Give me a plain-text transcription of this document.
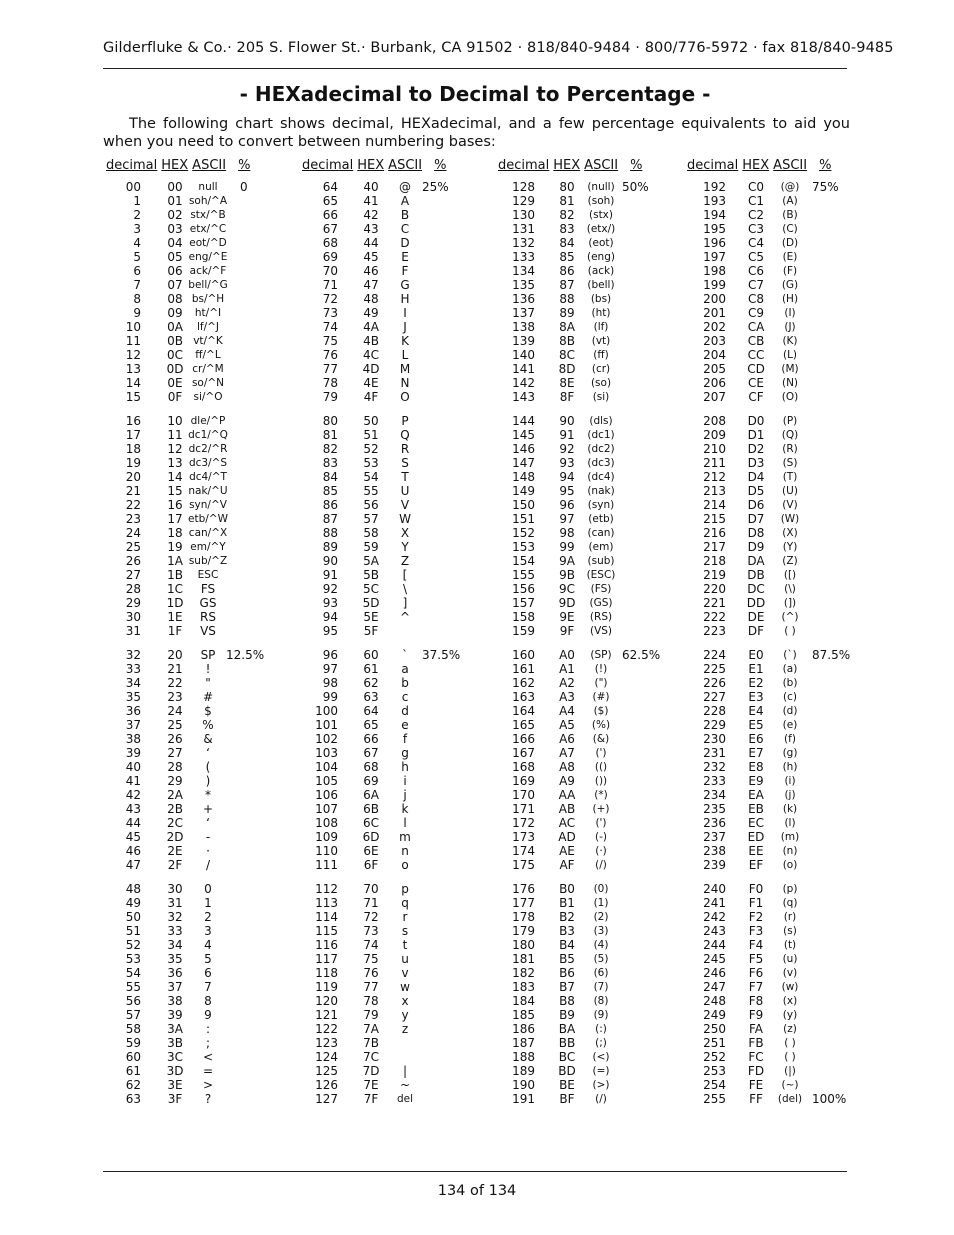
Gilderfluke & Co.· 205 S. Flower St.· Burbank, CA 91502 · 818/840-9484 · 800/776-5972 · fax 818/840-9485
- HEXadecimal to Decimal to Percentage -
The following chart shows decimal, HEXadecimal, and a few percentage equivalents to aid you when you need to convert between numbering bases:
decimal HEX ASCII %	decimal HEX ASCII %	decimal HEX ASCII %	decimal HEX ASCII %
00 00	null	0
1 01 soh/^A
2 02 stx/^B
3 03 etx/^C
4 04 eot/^D
5 05 eng/^E
6 06 ack/^F
7 07 bell/^G
8 08 bs/^H
9 09	ht/^I
10 0A	lf/^J
11 0B vt/^K
12 0C	ff/^L
13 0D cr/^M
14 0E so/^N
15 0F	si/^O
16 10 dle/^P
17 11 dc1/^Q
18 12 dc2/^R
19 13 dc3/^S
20 14 dc4/^T
21 15 nak/^U
22 16 syn/^V
23 17 etb/^W
24 18 can/^X
25 19 em/^Y
26 1A sub/^Z
27 1B	ESC
28 1C	FS
29 1D	GS
30 1E	RS
31 1F	VS
32 20	SP 12.5%
33 21	!
34 22	"
35 23	#
36 24	$
37 25	%
38 26	&
39 27	‘
40 28	(
41 29	)
42 2A	*
43 2B	+
44 2C	‘
45 2D	-
46 2E	·
47 2F	/
48 30	0
49 31	1
50 32	2
51 33	3
52 34	4
53 35	5
54 36	6
55 37	7
56 38	8
57 39	9
58 3A	:
59 3B	;
60 3C	<
61 3D	=
62 3E	>
63 3F	?
64 40	@ 25%
65 41	A
66 42	B
67 43	C
68 44	D
69 45	E
70 46	F
71 47	G
72 48	H
73 49	I
74 4A	J
75 4B	K
76 4C	L
77 4D	M
78 4E	N
79 4F	O
80 50	P
81 51	Q
82 52	R
83 53	S
84 54	T
85 55	U
86 56	V
87 57	W
88 58	X
89 59	Y
90 5A	Z
91 5B	[
92 5C	\
93 5D	]
94 5E	^
95 5F
96 60	`	37.5%
97 61	a
98 62	b
99 63	c
100 64	d
101 65	e
102 66	f
103 67	g
104 68	h
105 69	i
106 6A	j
107 6B	k
108 6C	l
109 6D	m
110 6E	n
111 6F	o
112 70	p
113 71	q
114 72	r
115 73	s
116 74	t
117 75	u
118 76	v
119 77	w
120 78	x
121 79	y
122 7A	z
123 7B
124 7C
125 7D	|
126 7E	~
127 7F	del
128 80	(null) 50%
129 81	(soh)
130 82	(stx)
131 83	(etx/)
132 84	(eot)
133 85	(eng)
134 86	(ack)
135 87	(bell)
136 88	(bs)
137 89	(ht)
138 8A	(lf)
139 8B	(vt)
140 8C	(ff)
141 8D	(cr)
142 8E	(so)
143 8F	(si)
144 90	(dls)
145 91	(dc1)
146 92	(dc2)
147 93	(dc3)
148 94	(dc4)
149 95	(nak)
150 96	(syn)
151 97	(etb)
152 98	(can)
153 99	(em)
154 9A	(sub)
155 9B	(ESC)
156 9C	(FS)
157 9D	(GS)
158 9E	(RS)
159 9F	(VS)
160 A0	(SP) 62.5%
161 A1	(!)
162 A2	(")
163 A3	(#)
164 A4	($)
165 A5	(%)
166 A6	(&)
167 A7	(')
168 A8	(()
169 A9	())
170 AA	(*)
171 AB	(+)
172 AC	(')
173 AD	(-)
174 AE	(·)
175 AF	(/)
176 B0	(0)
177 B1	(1)
178 B2	(2)
179 B3	(3)
180 B4	(4)
181 B5	(5)
182 B6	(6)
183 B7	(7)
184 B8	(8)
185 B9	(9)
186 BA	(:)
187 BB	(;)
188 BC	(<)
189 BD	(=)
190 BE	(>)
191 BF	(/)
192 C0	(@)	75%
193 C1	(A)
194 C2	(B)
195 C3	(C)
196 C4	(D)
197 C5	(E)
198 C6	(F)
199 C7	(G)
200 C8	(H)
201 C9	(I)
202 CA	(J)
203 CB	(K)
204 CC	(L)
205 CD	(M)
206 CE	(N)
207 CF	(O)
208 D0	(P)
209 D1	(Q)
210 D2	(R)
211 D3	(S)
212 D4	(T)
213 D5	(U)
214 D6	(V)
215 D7	(W)
216 D8	(X)
217 D9	(Y)
218 DA	(Z)
219 DB	([)
220 DC	(\)
221 DD	(])
222 DE	(^)
223 DF	( )
224 E0	(`)	87.5%
225 E1	(a)
226 E2	(b)
227 E3	(c)
228 E4	(d)
229 E5	(e)
230 E6	(f)
231 E7	(g)
232 E8	(h)
233 E9	(i)
234 EA	(j)
235 EB	(k)
236 EC	(l)
237 ED	(m)
238 EE	(n)
239 EF	(o)
240 F0	(p)
241 F1	(q)
242 F2	(r)
243 F3	(s)
244 F4	(t)
245 F5	(u)
246 F6	(v)
247 F7	(w)
248 F8	(x)
249 F9	(y)
250 FA	(z)
251 FB	( )
252 FC	( )
253 FD	(|)
254 FE	(~)
255 FF	(del) 100%
134 of 134
